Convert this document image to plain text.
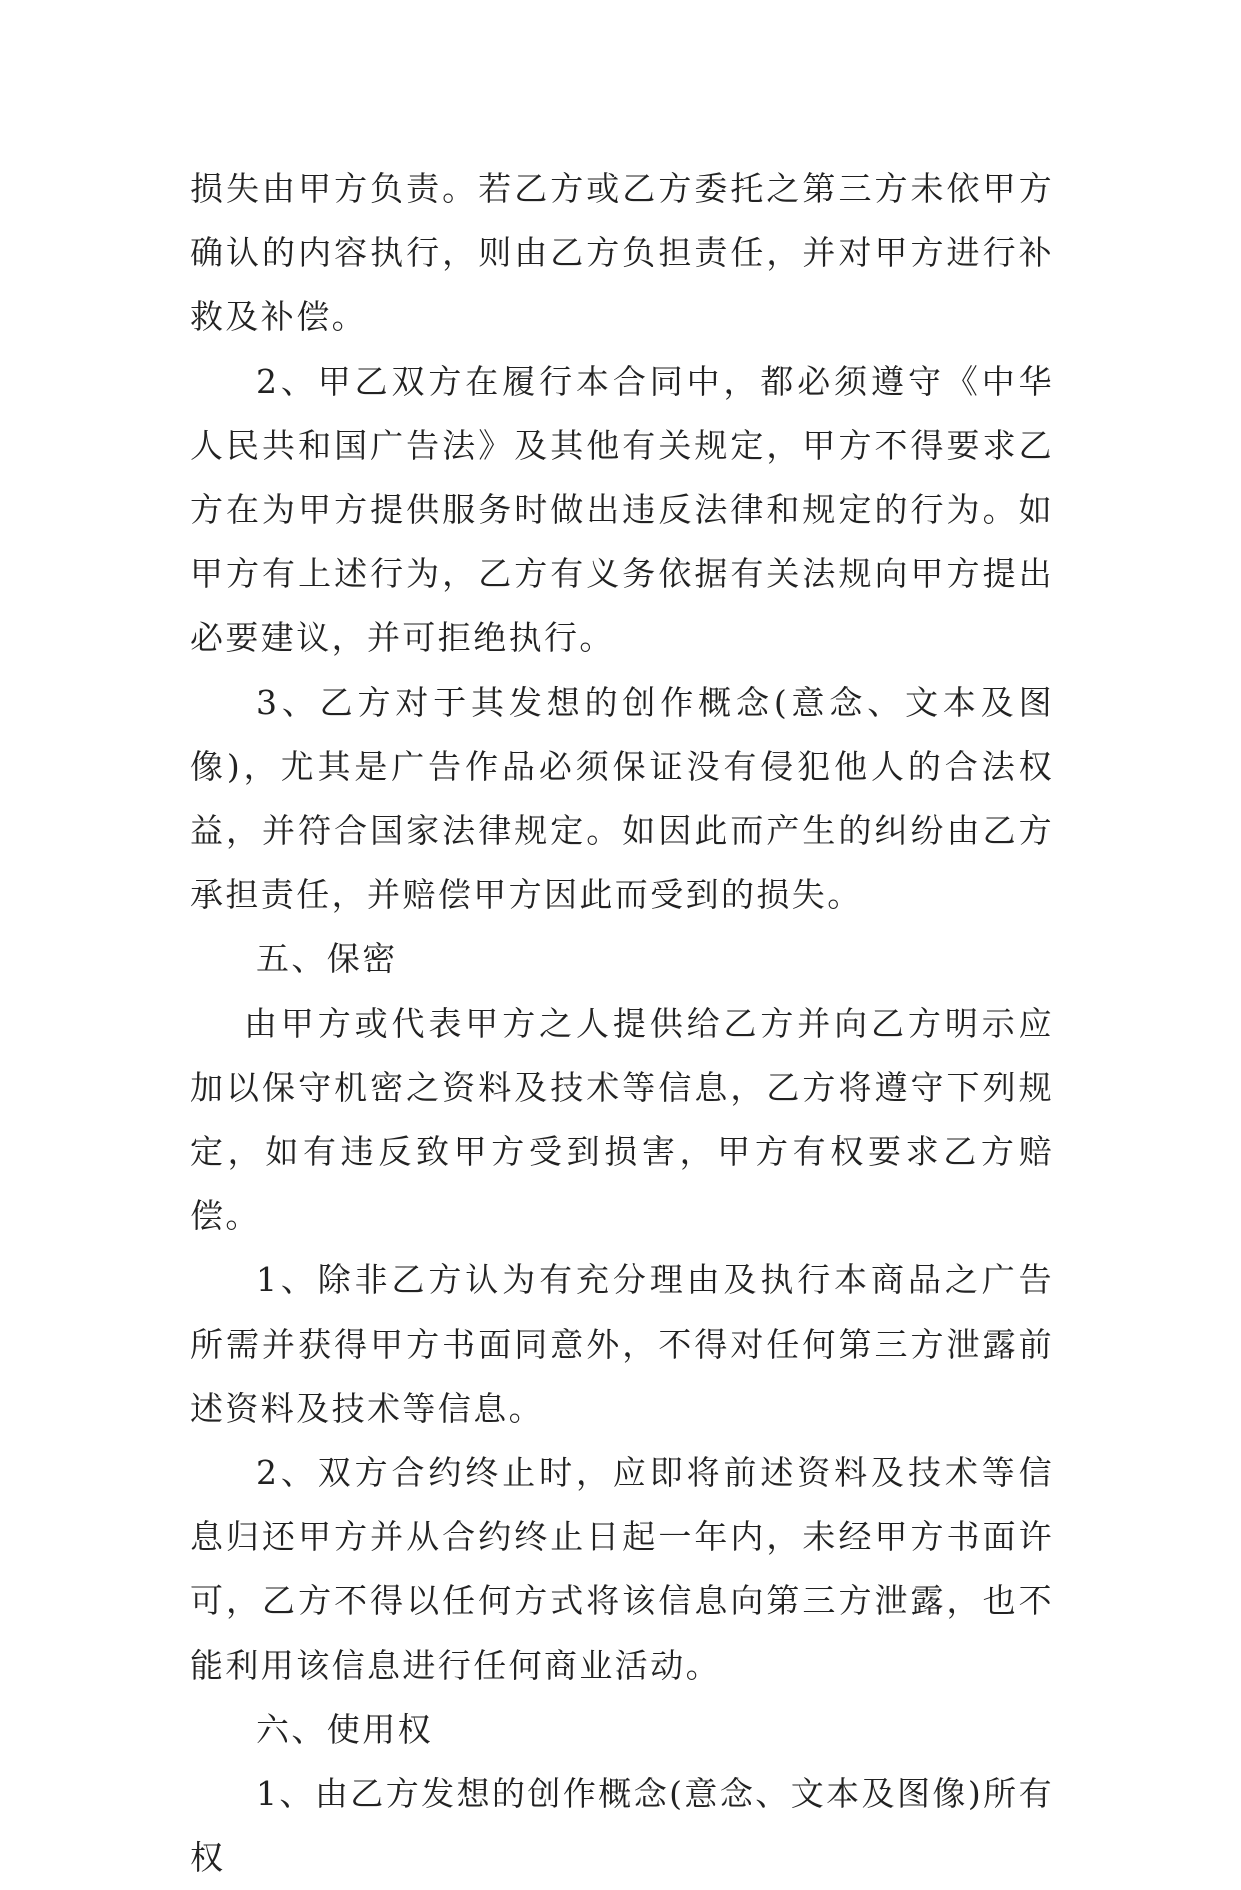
损失由甲方负责。若乙方或乙方委托之第三方未依甲方确认的内容执行，则由乙方负担责任，并对甲方进行补救及补偿。

2、甲乙双方在履行本合同中，都必须遵守《中华人民共和国广告法》及其他有关规定，甲方不得要求乙方在为甲方提供服务时做出违反法律和规定的行为。如甲方有上述行为，乙方有义务依据有关法规向甲方提出必要建议，并可拒绝执行。

3、乙方对于其发想的创作概念(意念、文本及图像)，尤其是广告作品必须保证没有侵犯他人的合法权益，并符合国家法律规定。如因此而产生的纠纷由乙方承担责任，并赔偿甲方因此而受到的损失。

五、保密

由甲方或代表甲方之人提供给乙方并向乙方明示应加以保守机密之资料及技术等信息，乙方将遵守下列规定，如有违反致甲方受到损害，甲方有权要求乙方赔偿。

1、除非乙方认为有充分理由及执行本商品之广告所需并获得甲方书面同意外，不得对任何第三方泄露前述资料及技术等信息。

2、双方合约终止时，应即将前述资料及技术等信息归还甲方并从合约终止日起一年内，未经甲方书面许可，乙方不得以任何方式将该信息向第三方泄露，也不能利用该信息进行任何商业活动。

六、使用权

1、由乙方发想的创作概念(意念、文本及图像)所有权
